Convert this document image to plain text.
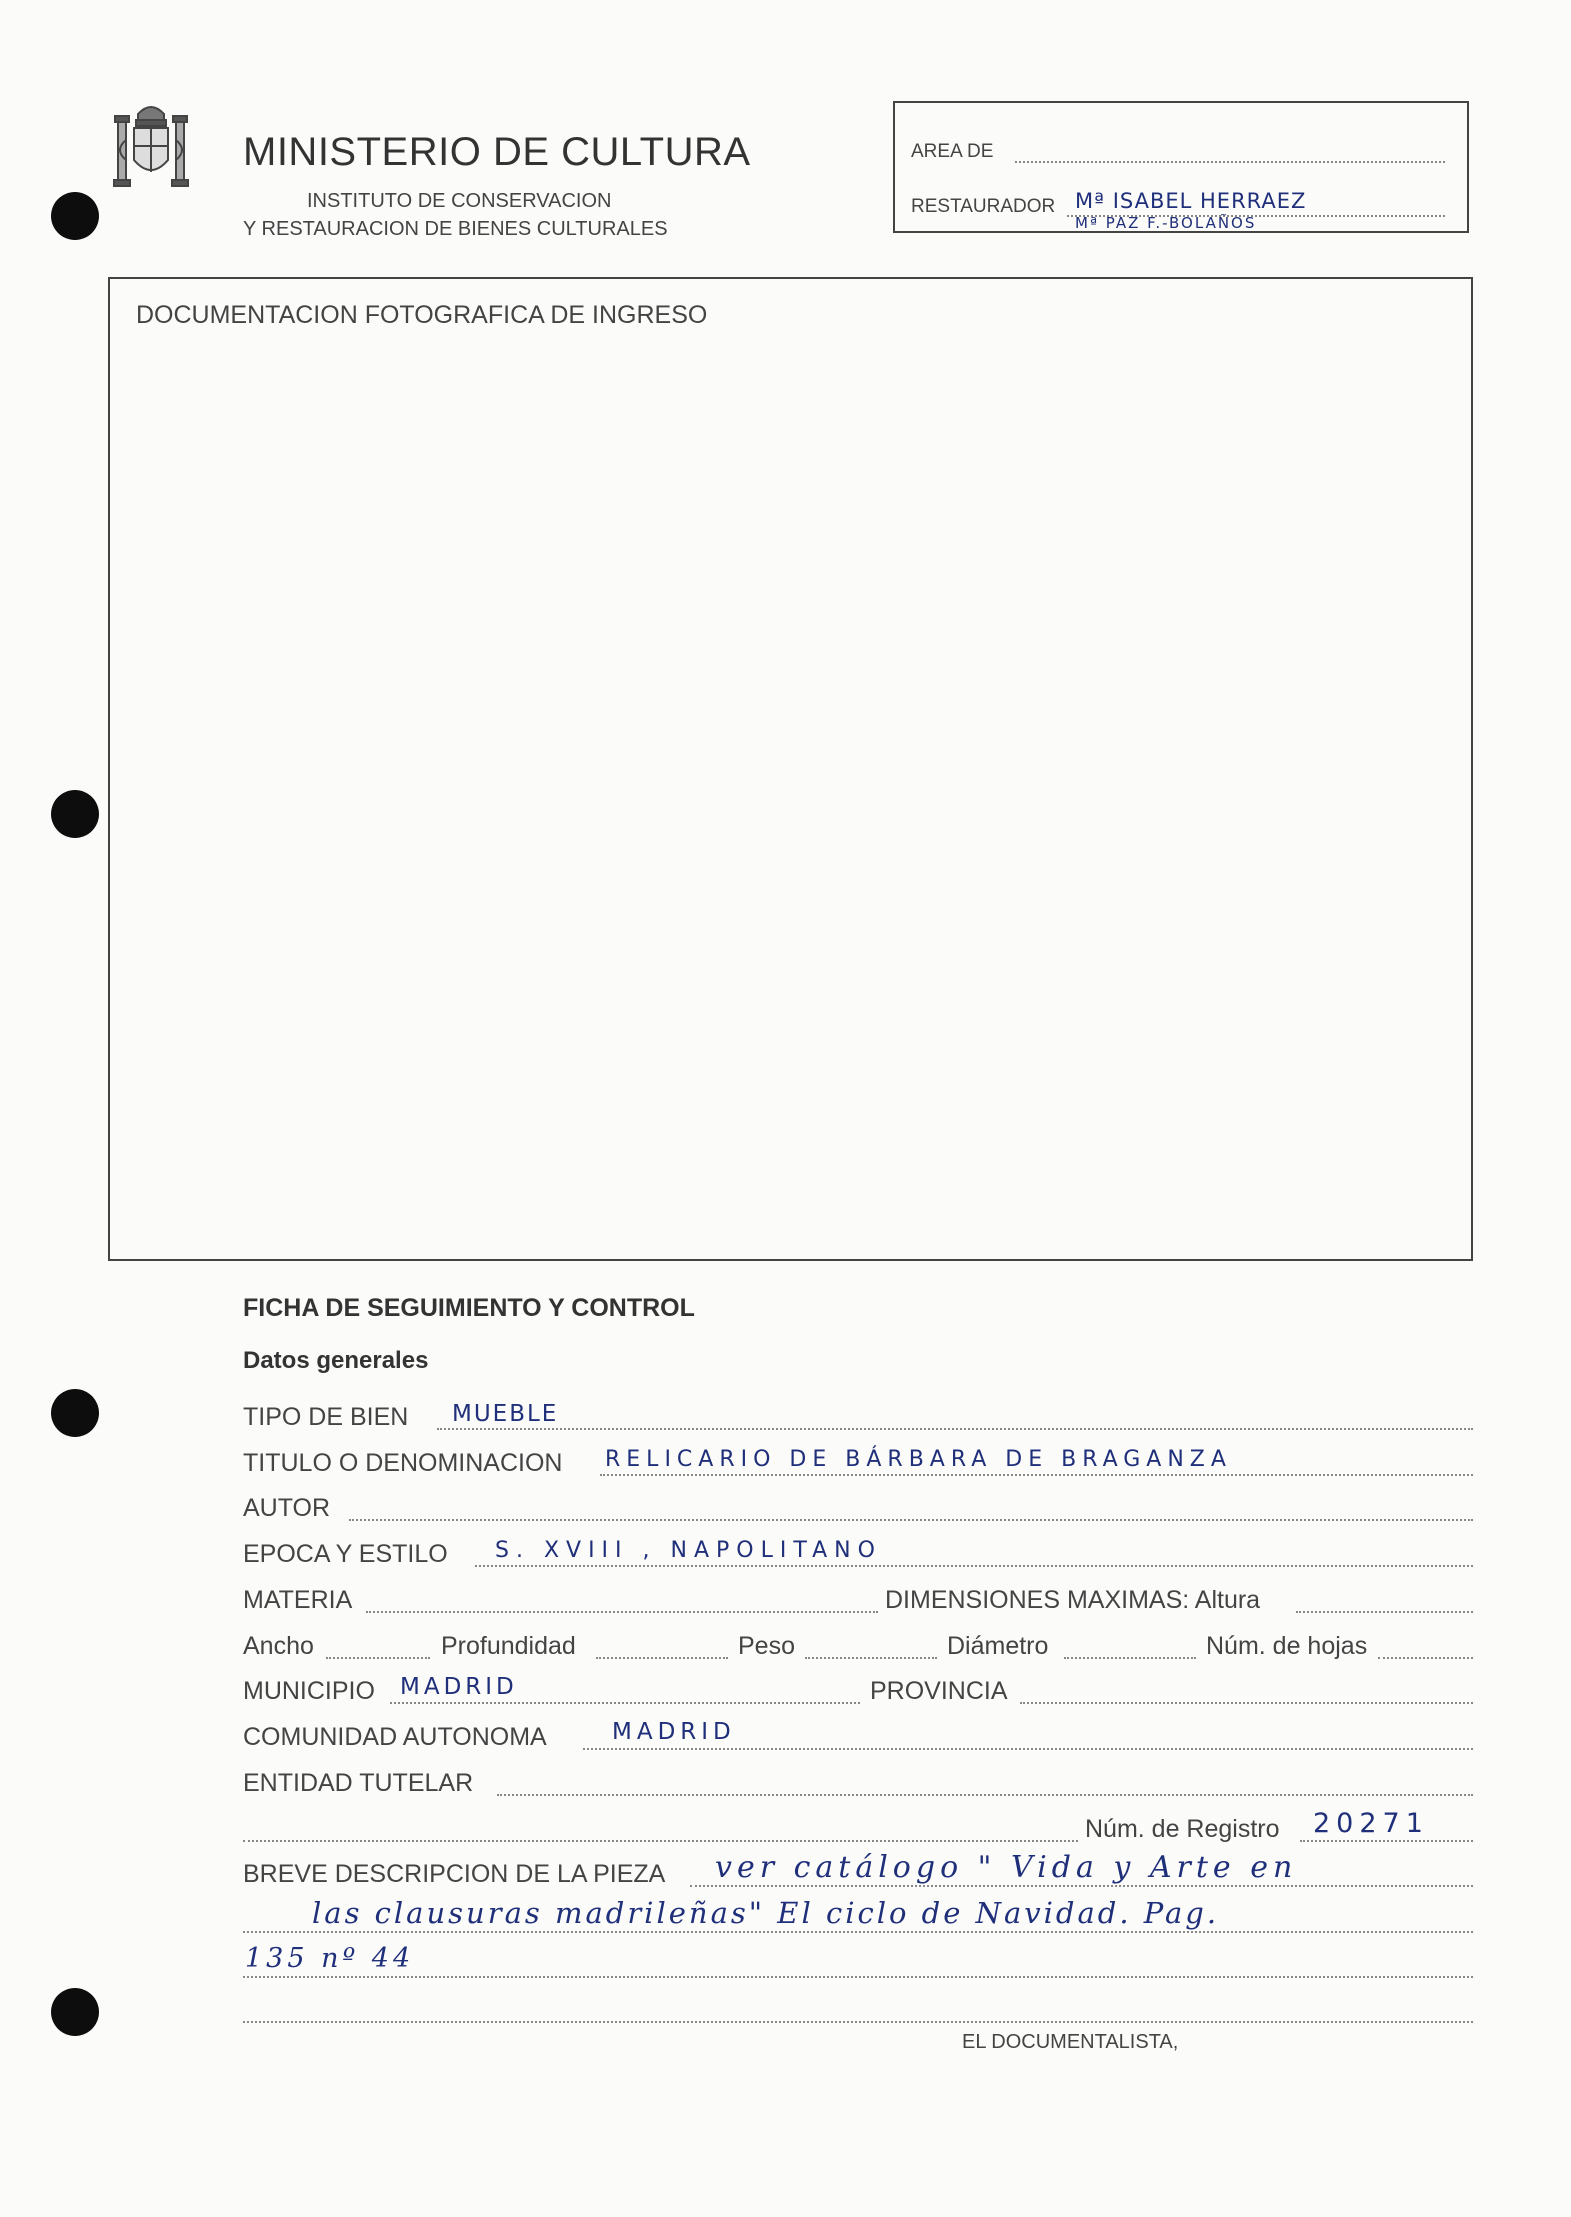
MINISTERIO DE CULTURA
INSTITUTO DE CONSERVACION
Y RESTAURACION DE BIENES CULTURALES
AREA DE
RESTAURADOR Mª ISABEL HERRAEZ
Mª PAZ F.-BOLAÑOS
DOCUMENTACION FOTOGRAFICA DE INGRESO
FICHA DE SEGUIMIENTO Y CONTROL
Datos generales
TIPO DE BIEN MUEBLE
TITULO O DENOMINACION RELICARIO DE BÁRBARA DE BRAGANZA
AUTOR
EPOCA Y ESTILO S. XVIII , NAPOLITANO
MATERIA	DIMENSIONES MAXIMAS: Altura
Ancho	Profundidad	Peso	Diámetro	Núm. de hojas
MUNICIPIO MADRID	PROVINCIA
COMUNIDAD AUTONOMA	MADRID
ENTIDAD TUTELAR
Núm. de Registro 20271
BREVE DESCRIPCION DE LA PIEZA ver catálogo " Vida y Arte en
las clausuras madrileñas" El ciclo de Navidad. Pag.
135 nº 44
EL DOCUMENTALISTA,
